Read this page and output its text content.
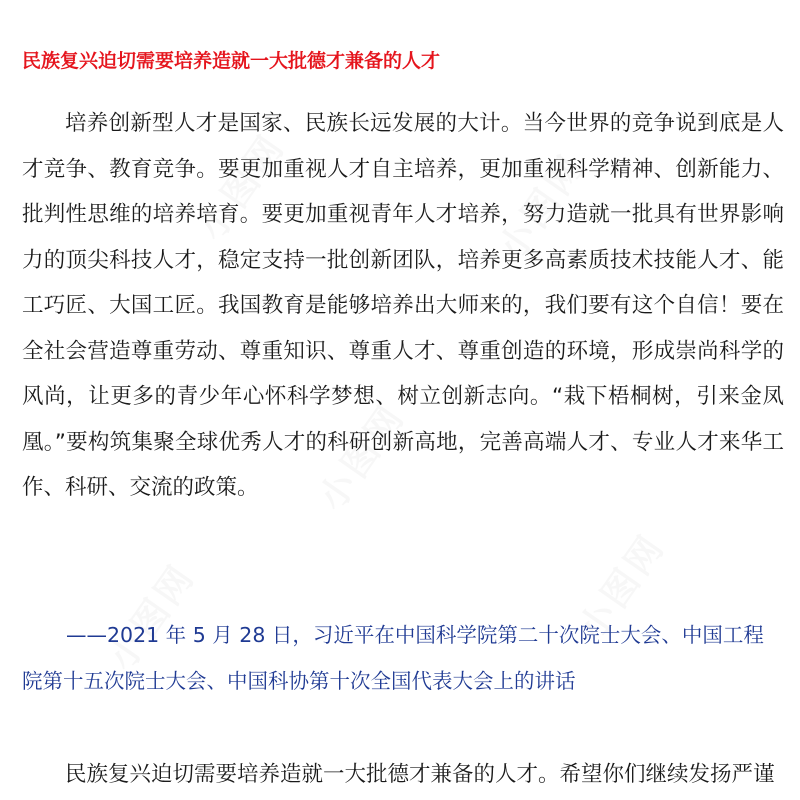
小图网	小图网
小图网
小图网	小图网
民族复兴迫切需要培养造就一大批德才兼备的人才

培养创新型人才是国家、民族长远发展的大计。当今世界的竞争说到底是人才竞争、教育竞争。要更加重视人才自主培养，更加重视科学精神、创新能力、批判性思维的培养培育。要更加重视青年人才培养，努力造就一批具有世界影响力的顶尖科技人才，稳定支持一批创新团队，培养更多高素质技术技能人才、能工巧匠、大国工匠。我国教育是能够培养出大师来的，我们要有这个自信！要在全社会营造尊重劳动、尊重知识、尊重人才、尊重创造的环境，形成崇尚科学的风尚，让更多的青少年心怀科学梦想、树立创新志向。“栽下梧桐树，引来金凤凰。”要构筑集聚全球优秀人才的科研创新高地，完善高端人才、专业人才来华工作、科研、交流的政策。

——2021 年 5 月 28 日，习近平在中国科学院第二十次院士大会、中国工程院第十五次院士大会、中国科协第十次全国代表大会上的讲话

民族复兴迫切需要培养造就一大批德才兼备的人才。希望你们继续发扬严谨
